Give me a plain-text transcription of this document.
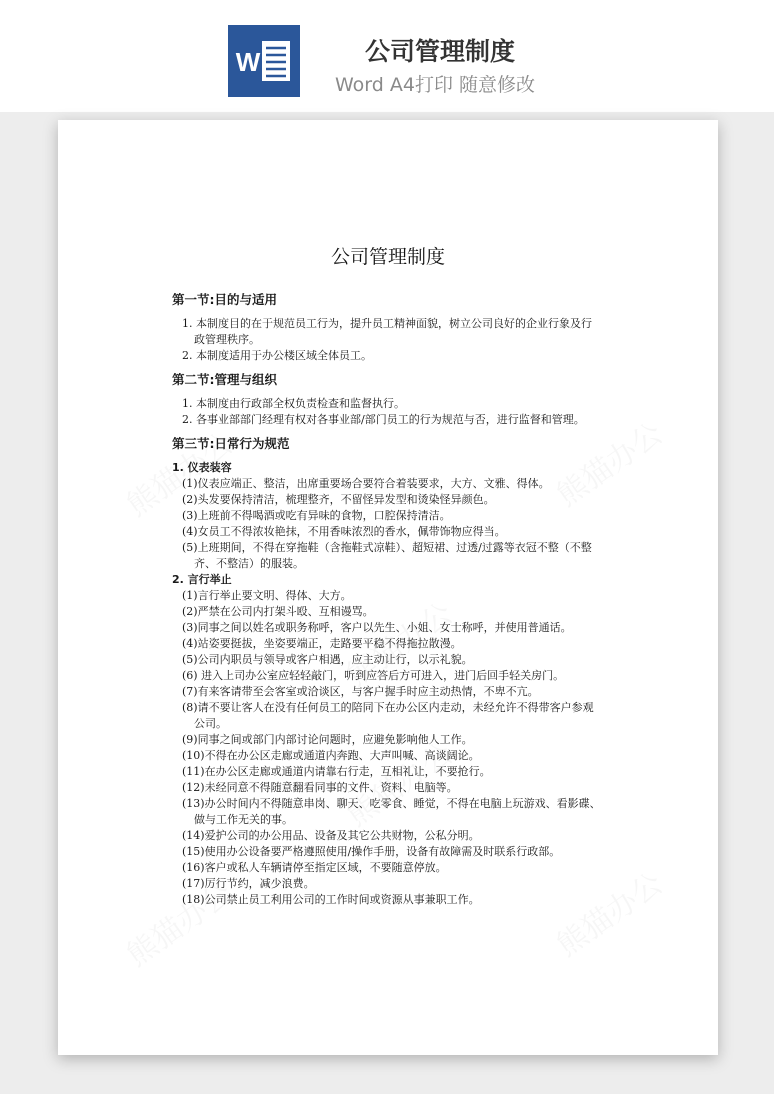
W	公司管理制度
Word A4打印 随意修改
公司管理制度

第一节:目的与适用

1. 本制度目的在于规范员工行为，提升员工精神面貌，树立公司良好的企业行象及行政管理秩序。

2. 本制度适用于办公楼区域全体员工。

第二节:管理与组织

1. 本制度由行政部全权负责检查和监督执行。

2. 各事业部部门经理有权对各事业部/部门员工的行为规范与否，进行监督和管理。

第三节:日常行为规范

1. 仪表装容

(1)仪表应端正、整洁，出席重要场合要符合着装要求，大方、文雅、得体。

(2)头发要保持清洁，梳理整齐，不留怪异发型和烫染怪异颜色。

(3)上班前不得喝酒或吃有异味的食物，口腔保持清洁。

(4)女员工不得浓妆艳抹，不用香味浓烈的香水，佩带饰物应得当。

(5)上班期间，不得在穿拖鞋（含拖鞋式凉鞋）、超短裙、过透/过露等衣冠不整（不整齐、不整洁）的服装。

2. 言行举止

(1)言行举止要文明、得体、大方。

(2)严禁在公司内打架斗殴、互相谩骂。

(3)同事之间以姓名或职务称呼，客户以先生、小姐、女士称呼，并使用普通话。

(4)站姿要挺拔，坐姿要端正，走路要平稳不得拖拉散漫。

(5)公司内职员与领导或客户相遇，应主动让行，以示礼貌。

(6) 进入上司办公室应轻轻敲门，听到应答后方可进入，进门后回手轻关房门。

(7)有来客请带至会客室或洽谈区，与客户握手时应主动热情，不卑不亢。

(8)请不要让客人在没有任何员工的陪同下在办公区内走动，未经允许不得带客户参观公司。

(9)同事之间或部门内部讨论问题时，应避免影响他人工作。

(10)不得在办公区走廊或通道内奔跑、大声叫喊、高谈阔论。

(11)在办公区走廊或通道内请靠右行走，互相礼让，不要抢行。

(12)未经同意不得随意翻看同事的文件、资料、电脑等。

(13)办公时间内不得随意串岗、聊天、吃零食、睡觉，不得在电脑上玩游戏、看影碟、做与工作无关的事。

(14)爱护公司的办公用品、设备及其它公共财物，公私分明。

(15)使用办公设备要严格遵照使用/操作手册，设备有故障需及时联系行政部。

(16)客户或私人车辆请停至指定区域，不要随意停放。

(17)厉行节约，减少浪费。

(18)公司禁止员工利用公司的工作时间或资源从事兼职工作。
